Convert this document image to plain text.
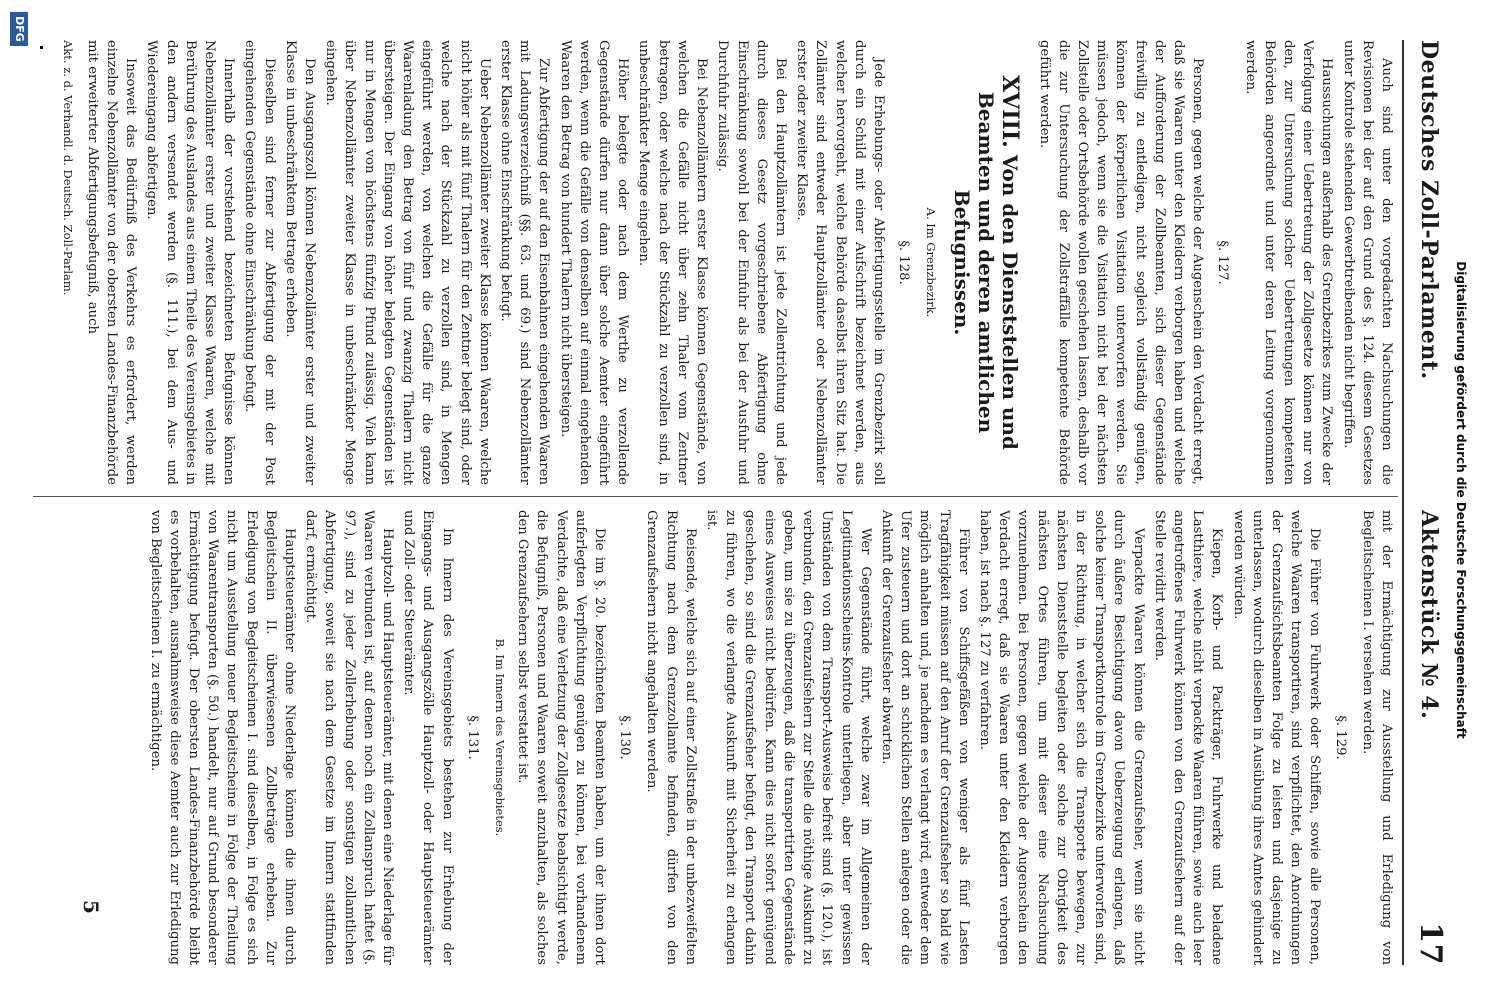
Digitalisierung gefördert durch die Deutsche Forschungsgemeinschaft
Deutsches Zoll-Parlament.
Aktenstück № 4.
17

Auch sind unter den vorgedachten Nachsuchungen die Revisionen bei der auf den Grund des §. 124. diesem Gesetzes unter Kontrole stehenden Gewerbtreibenden nicht begriffen.

Haussuchungen außerhalb des Grenzbezirkes zum Zwecke der Verfolgung einer Uebertretung der Zollgesetze können nur von den, zur Untersuchung solcher Uebertretungen kompetenten Behörden angeordnet und unter deren Leitung vorgenommen werden.

§. 127.

Personen, gegen welche der Augenschein den Verdacht erregt, daß sie Waaren unter den Kleidern verborgen haben und welche der Aufforderung der Zollbeamten, sich dieser Gegenstände freiwillig zu entledigen, nicht sogleich vollständig genügen, können der körperlichen Visitation unterworfen werden. Sie müssen jedoch, wenn sie die Visitation nicht bei der nächsten Zollstelle oder Ortsbehörde wollen geschehen lassen, deshalb vor die zur Untersuchung der Zollstraffälle kompetente Behörde geführt werden.

XVIII. Von den Dienststellen und Beamten und deren amtlichen Befugnissen.
A. Im Grenzbezirk.
§. 128.

Jede Erhebungs- oder Abfertigungsstelle im Grenzbezirk soll durch ein Schild mit einer Aufschrift bezeichnet werden, aus welcher hervorgeht, welche Behörde daselbst ihren Sitz hat. Die Zollämter sind entweder Hauptzollämter oder Nebenzollämter erster oder zweiter Klasse.

Bei den Hauptzollämtern ist jede Zollentrichtung und jede durch dieses Gesetz vorgeschriebene Abfertigung ohne Einschränkung sowohl bei der Einfuhr als bei der Ausfuhr und Durchfuhr zulässig.

Bei Nebenzollämtern erster Klasse können Gegenstände, von welchen die Gefälle nicht über zehn Thaler vom Zentner betragen, oder welche nach der Stückzahl zu verzollen sind, in unbeschränkter Menge eingehen.

Höher belegte oder nach dem Werthe zu verzollende Gegenstände dürfen nur dann über solche Aemter eingeführt werden, wenn die Gefälle von denselben auf einmal eingehenden Waaren den Betrag von hundert Thalern nicht übersteigen.

Zur Abfertigung der auf den Eisenbahnen eingehenden Waaren mit Ladungsverzeichniß (§§. 63. und 69.) sind Nebenzollämter erster Klasse ohne Einschränkung befugt.

Ueber Nebenzollämter zweiter Klasse können Waaren, welche nicht höher als mit fünf Thalern für den Zentner belegt sind, oder welche nach der Stückzahl zu verzollen sind, in Mengen eingeführt werden, von welchen die Gefälle für die ganze Waarenladung den Betrag von fünf und zwanzig Thalern nicht übersteigen. Der Eingang von höher belegten Gegenständen ist nur in Mengen von höchstens fünfzig Pfund zulässig. Vieh kann über Nebenzollämter zweiter Klasse in unbeschränkter Menge eingehen.

Den Ausgangszoll können Nebenzollämter erster und zweiter Klasse in unbeschränktem Betrage erheben.

Dieselben sind ferner zur Abfertigung der mit der Post eingehenden Gegenstände ohne Einschränkung befugt.

Innerhalb der vorstehend bezeichneten Befugnisse können Nebenzollämter erster und zweiter Klasse Waaren, welche mit Berührung des Auslandes aus einem Theile des Vereinsgebietes in den andern versendet werden (§. 111.), bei dem Aus- und Wiedereingang abfertigen.

Insoweit das Bedürfniß des Verkehrs es erfordert, werden einzelne Nebenzollämter von der obersten Landes-Finanzbehörde mit erweiterter Abfertigungsbefugniß, auch

Akt. z. d. Verhandl. d. Deutsch. Zoll-Parlam.

mit der Ermächtigung zur Ausstellung und Erledigung von Begleitscheinen I. versehen werden.

§. 129.

Die Führer von Fuhrwerk oder Schiffen, sowie alle Personen, welche Waaren transportiren, sind verpflichtet, den Anordnungen der Grenzaufsichtsbeamten Folge zu leisten und dasjenige zu unterlassen, wodurch dieselben in Ausübung ihres Amtes gehindert werden würden.

Kiepen, Korb- und Packträger, Fuhrwerke und beladene Lastthiere, welche nicht verpackte Waaren führen, sowie auch leer angetroffenes Fuhrwerk können von den Grenzaufsehern auf der Stelle revidirt werden.

Verpackte Waaren können die Grenzaufseher, wenn sie nicht durch äußere Besichtigung davon Ueberzeugung erlangen, daß solche keiner Transportkontrole im Grenzbezirke unterworfen sind, in der Richtung, in welcher sich die Transporte bewegen, zur nächsten Dienststelle begleiten oder solche zur Obrigkeit des nächsten Ortes führen, um mit dieser eine Nachsuchung vorzunehmen. Bei Personen, gegen welche der Augenschein den Verdacht erregt, daß sie Waaren unter den Kleidern verborgen haben, ist nach §. 127 zu verfahren.

Führer von Schiffsgefäßen von weniger als fünf Lasten Tragfähigkeit müssen auf den Anruf der Grenzaufseher so bald wie möglich anhalten und, je nachdem es verlangt wird, entweder dem Ufer zusteuern und dort an schicklichen Stellen anlegen oder die Ankunft der Grenzaufseher abwarten.

Wer Gegenstände führt, welche zwar im Allgemeinen der Legitimationsscheins-Kontrole unterliegen, aber unter gewissen Umständen von dem Transport-Ausweise befreit sind (§. 120.), ist verbunden, den Grenzaufsehern zur Stelle die nöthige Auskunft zu geben, um sie zu überzeugen, daß die transportirten Gegenstände eines Ausweises nicht bedürfen. Kann dies nicht sofort genügend geschehen, so sind die Grenzaufseher befugt, den Transport dahin zu führen, wo die verlangte Auskunft mit Sicherheit zu erlangen ist.

Reisende, welche sich auf einer Zollstraße in der unbezweifelten Richtung nach dem Grenzzollamte befinden, dürfen von den Grenzaufsehern nicht angehalten werden.

§. 130.

Die im §. 20. bezeichneten Beamten haben, um der ihnen dort auferlegten Verpflichtung genügen zu können, bei vorhandenem Verdachte, daß eine Verletzung der Zollgesetze beabsichtigt werde, die Befugniß, Personen und Waaren soweit anzuhalten, als solches den Grenzaufsehern selbst verstattet ist.

B. Im Innern des Vereinsgebietes.
§. 131.

Im Innern des Vereinsgebiets bestehen zur Erhebung der Eingangs- und Ausgangszölle Hauptzoll- oder Hauptsteuerämter und Zoll- oder Steuerämter.

Hauptzoll- und Hauptsteuerämter, mit denen eine Niederlage für Waaren verbunden ist, auf denen noch ein Zollanspruch haftet (§. 97.), sind zu jeder Zollerhebung oder sonstigen zollamtlichen Abfertigung, soweit sie nach dem Gesetze im Innern stattfinden darf, ermächtigt.

Hauptsteuerämter ohne Niederlage können die ihnen durch Begleitschein II. überwiesenen Zollbeträge erheben. Zur Erledigung von Begleitscheinen I. sind dieselben, in Folge es sich nicht um Ausstellung neuer Begleitscheine in Folge der Theilung von Waarentransporten (§. 50.) handelt, nur auf Grund besonderer Ermächtigung befugt. Der obersten Landes-Finanzbehörde bleibt es vorbehalten, ausnahmsweise diese Aemter auch zur Erledigung von Begleitscheinen I. zu ermächtigen.

5
DFG
